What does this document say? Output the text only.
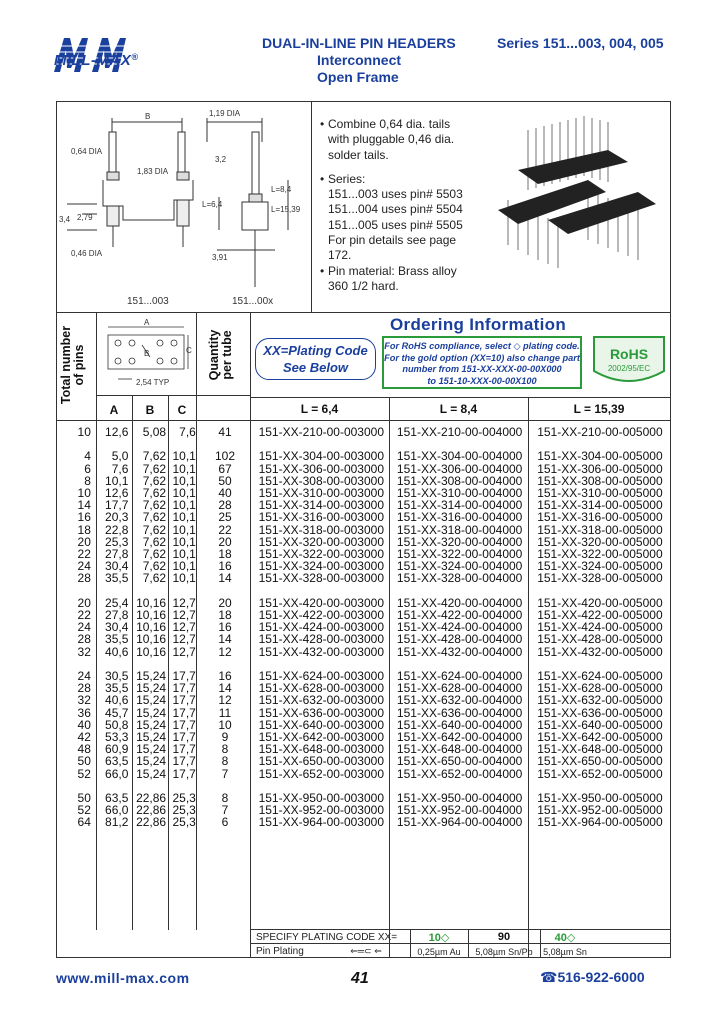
MILL-MAX®
DUAL-IN-LINE PIN HEADERS
Interconnect
Open Frame
Series 151...003, 004, 005
B	1,19 DIA
0,64 DIA
3,2
1,83 DIA
L=8,4
L=15,39
L=6,4
3,4 2,79
0,46 DIA	3,91
151...003	151...00x
• Combine 0,64 dia. tails
with pluggable 0,46 dia.
solder tails.
• Series:
151...003 uses pin# 5503
151...004 uses pin# 5504
151...005 uses pin# 5505
For pin details see page
172.
• Pin material: Brass alloy
360 1/2 hard.
Ordering Information
XX=Plating Code
See Below
For RoHS compliance, select ◇ plating code.
For the gold option (XX=10) also change part
number from 151-XX-XXX-00-00X000
to 151-10-XXX-00-00X100
RoHS
2002/95/EC
Total number of pins	Quantity per tube
A
C
B
2,54 TYP
A	B	C	L = 6,4	L = 8,4	L = 15,39
10	12,6	5,08	7,6	41	151-XX-210-00-003000	151-XX-210-00-004000	151-XX-210-00-005000

4	5,0	7,62	10,1	102	151-XX-304-00-003000	151-XX-304-00-004000	151-XX-304-00-005000
6	7,6	7,62	10,1	67	151-XX-306-00-003000	151-XX-306-00-004000	151-XX-306-00-005000
8	10,1	7,62	10,1	50	151-XX-308-00-003000	151-XX-308-00-004000	151-XX-308-00-005000
10	12,6	7,62	10,1	40	151-XX-310-00-003000	151-XX-310-00-004000	151-XX-310-00-005000
14	17,7	7,62	10,1	28	151-XX-314-00-003000	151-XX-314-00-004000	151-XX-314-00-005000
16	20,3	7,62	10,1	25	151-XX-316-00-003000	151-XX-316-00-004000	151-XX-316-00-005000
18	22,8	7,62	10,1	22	151-XX-318-00-003000	151-XX-318-00-004000	151-XX-318-00-005000
20	25,3	7,62	10,1	20	151-XX-320-00-003000	151-XX-320-00-004000	151-XX-320-00-005000
22	27,8	7,62	10,1	18	151-XX-322-00-003000	151-XX-322-00-004000	151-XX-322-00-005000
24	30,4	7,62	10,1	16	151-XX-324-00-003000	151-XX-324-00-004000	151-XX-324-00-005000
28	35,5	7,62	10,1	14	151-XX-328-00-003000	151-XX-328-00-004000	151-XX-328-00-005000

20	25,4	10,16	12,7	20	151-XX-420-00-003000	151-XX-420-00-004000	151-XX-420-00-005000
22	27,8	10,16	12,7	18	151-XX-422-00-003000	151-XX-422-00-004000	151-XX-422-00-005000
24	30,4	10,16	12,7	16	151-XX-424-00-003000	151-XX-424-00-004000	151-XX-424-00-005000
28	35,5	10,16	12,7	14	151-XX-428-00-003000	151-XX-428-00-004000	151-XX-428-00-005000
32	40,6	10,16	12,7	12	151-XX-432-00-003000	151-XX-432-00-004000	151-XX-432-00-005000

24	30,5	15,24	17,7	16	151-XX-624-00-003000	151-XX-624-00-004000	151-XX-624-00-005000
28	35,5	15,24	17,7	14	151-XX-628-00-003000	151-XX-628-00-004000	151-XX-628-00-005000
32	40,6	15,24	17,7	12	151-XX-632-00-003000	151-XX-632-00-004000	151-XX-632-00-005000
36	45,7	15,24	17,7	11	151-XX-636-00-003000	151-XX-636-00-004000	151-XX-636-00-005000
40	50,8	15,24	17,7	10	151-XX-640-00-003000	151-XX-640-00-004000	151-XX-640-00-005000
42	53,3	15,24	17,7	9	151-XX-642-00-003000	151-XX-642-00-004000	151-XX-642-00-005000
48	60,9	15,24	17,7	8	151-XX-648-00-003000	151-XX-648-00-004000	151-XX-648-00-005000
50	63,5	15,24	17,7	8	151-XX-650-00-003000	151-XX-650-00-004000	151-XX-650-00-005000
52	66,0	15,24	17,7	7	151-XX-652-00-003000	151-XX-652-00-004000	151-XX-652-00-005000

50	63,5	22,86	25,3	8	151-XX-950-00-003000	151-XX-950-00-004000	151-XX-950-00-005000
52	66,0	22,86	25,3	7	151-XX-952-00-003000	151-XX-952-00-004000	151-XX-952-00-005000
64	81,2	22,86	25,3	6	151-XX-964-00-003000	151-XX-964-00-004000	151-XX-964-00-005000
SPECIFY PLATING CODE XX=	10◇	90	40◇
Pin Plating	⇐═⊂ ⇐	0,25µm Au	5,08µm Sn/Pb	5,08µm Sn
www.mill-max.com	41	☎516-922-6000
